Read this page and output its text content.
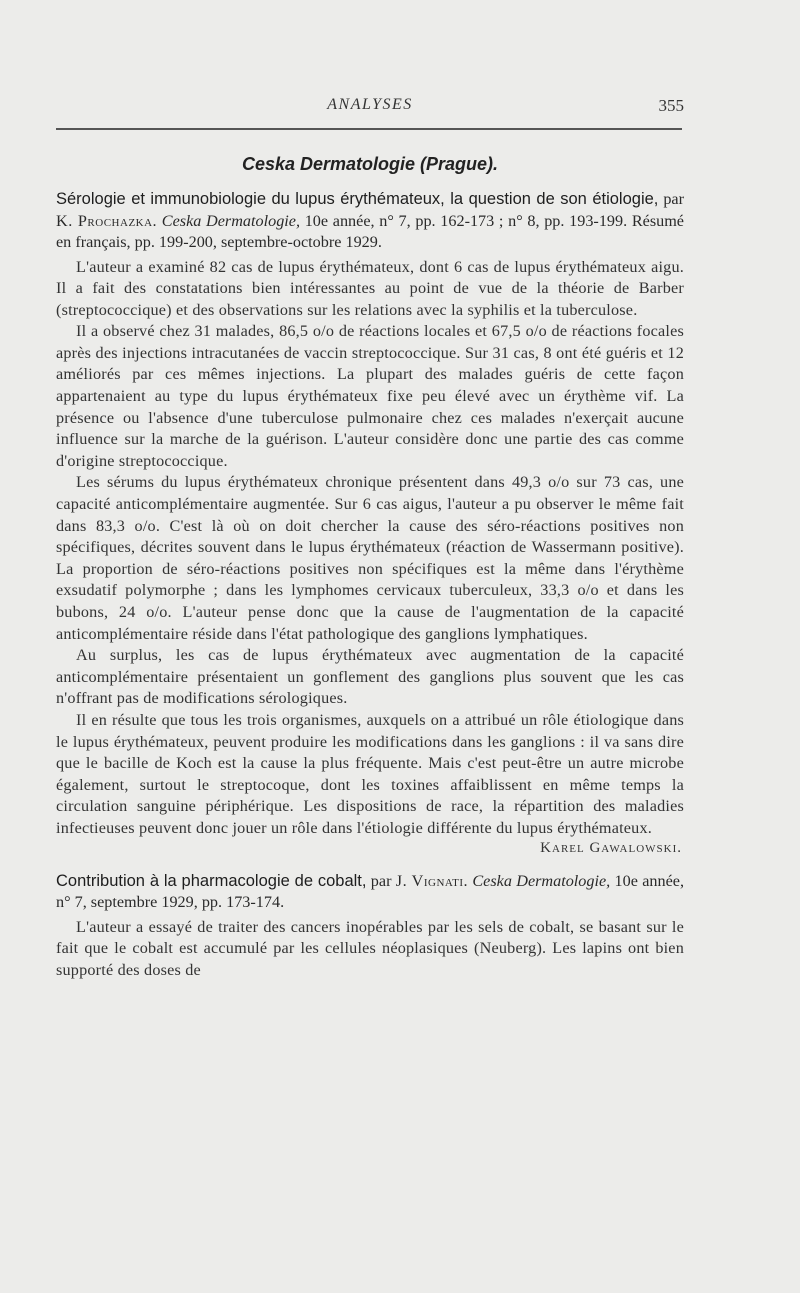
ANALYSES	355
Ceska Dermatologie (Prague).

Sérologie et immunobiologie du lupus érythémateux, la question de son étiologie, par K. Prochazka. Ceska Dermatologie, 10e année, n° 7, pp. 162-173 ; n° 8, pp. 193-199. Résumé en français, pp. 199-200, septembre-octobre 1929.

L'auteur a examiné 82 cas de lupus érythémateux, dont 6 cas de lupus érythémateux aigu. Il a fait des constatations bien intéressantes au point de vue de la théorie de Barber (streptococcique) et des observations sur les relations avec la syphilis et la tuberculose.

Il a observé chez 31 malades, 86,5 o/o de réactions locales et 67,5 o/o de réactions focales après des injections intracutanées de vaccin streptococcique. Sur 31 cas, 8 ont été guéris et 12 améliorés par ces mêmes injections. La plupart des malades guéris de cette façon appartenaient au type du lupus érythémateux fixe peu élevé avec un érythème vif. La présence ou l'absence d'une tuberculose pulmonaire chez ces malades n'exerçait aucune influence sur la marche de la guérison. L'auteur considère donc une partie des cas comme d'origine streptococcique.

Les sérums du lupus érythémateux chronique présentent dans 49,3 o/o sur 73 cas, une capacité anticomplémentaire augmentée. Sur 6 cas aigus, l'auteur a pu observer le même fait dans 83,3 o/o. C'est là où on doit chercher la cause des séro-réactions positives non spécifiques, décrites souvent dans le lupus érythémateux (réaction de Wassermann positive). La proportion de séro-réactions positives non spécifiques est la même dans l'érythème exsudatif polymorphe ; dans les lymphomes cervicaux tuberculeux, 33,3 o/o et dans les bubons, 24 o/o. L'auteur pense donc que la cause de l'augmentation de la capacité anticomplémentaire réside dans l'état pathologique des ganglions lymphatiques.

Au surplus, les cas de lupus érythémateux avec augmentation de la capacité anticomplémentaire présentaient un gonflement des ganglions plus souvent que les cas n'offrant pas de modifications sérologiques.

Il en résulte que tous les trois organismes, auxquels on a attribué un rôle étiologique dans le lupus érythémateux, peuvent produire les modifications dans les ganglions : il va sans dire que le bacille de Koch est la cause la plus fréquente. Mais c'est peut-être un autre microbe également, surtout le streptocoque, dont les toxines affaiblissent en même temps la circulation sanguine périphérique. Les dispositions de race, la répartition des maladies infectieuses peuvent donc jouer un rôle dans l'étiologie différente du lupus érythémateux.

Karel Gawalowski.

Contribution à la pharmacologie de cobalt, par J. Vignati. Ceska Dermatologie, 10e année, n° 7, septembre 1929, pp. 173-174.

L'auteur a essayé de traiter des cancers inopérables par les sels de cobalt, se basant sur le fait que le cobalt est accumulé par les cellules néoplasiques (Neuberg). Les lapins ont bien supporté des doses de
